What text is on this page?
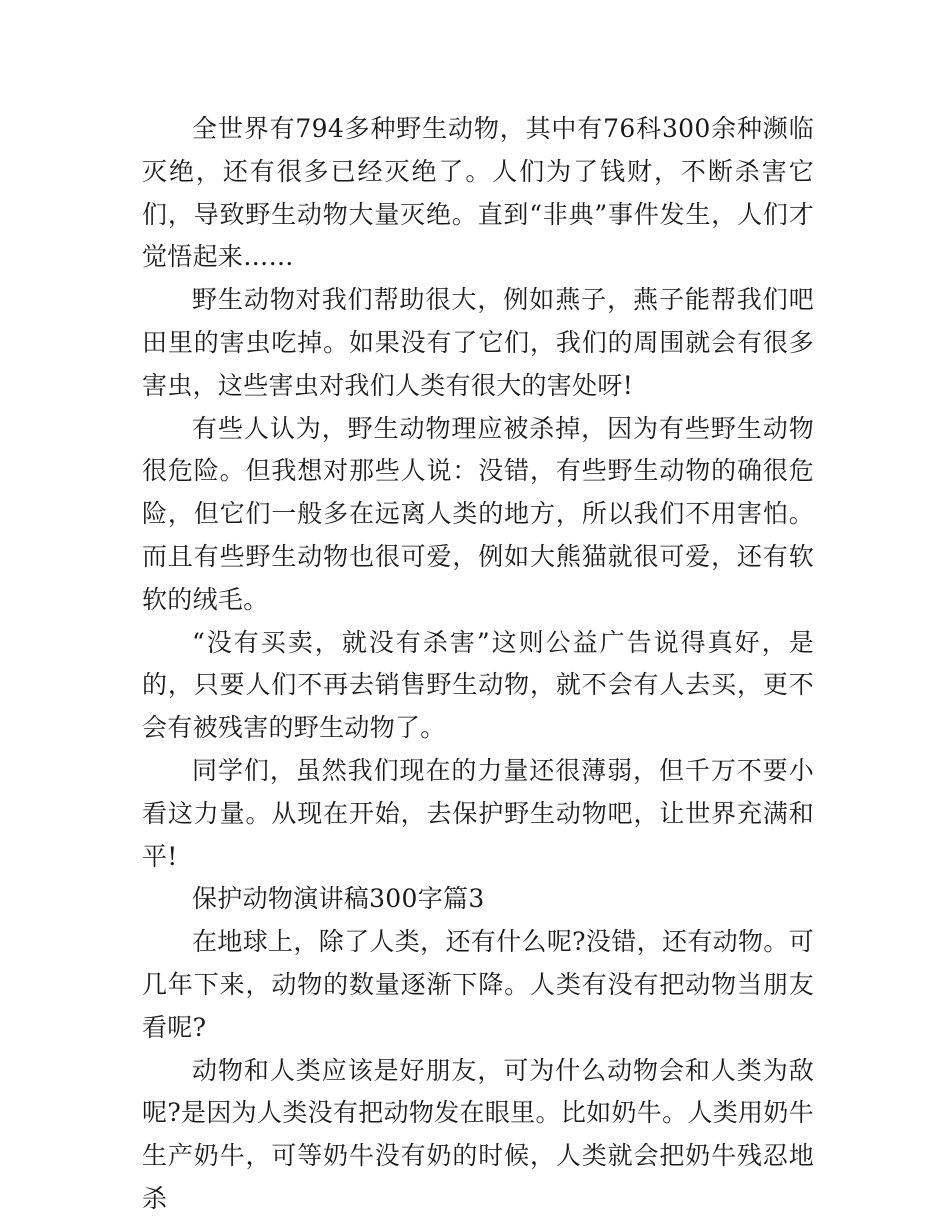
全世界有794多种野生动物，其中有76科300余种濒临灭绝，还有很多已经灭绝了。人们为了钱财，不断杀害它们，导致野生动物大量灭绝。直到“非典”事件发生，人们才觉悟起来……

野生动物对我们帮助很大，例如燕子，燕子能帮我们吧田里的害虫吃掉。如果没有了它们，我们的周围就会有很多害虫，这些害虫对我们人类有很大的害处呀!

有些人认为，野生动物理应被杀掉，因为有些野生动物很危险。但我想对那些人说：没错，有些野生动物的确很危险，但它们一般多在远离人类的地方，所以我们不用害怕。而且有些野生动物也很可爱，例如大熊猫就很可爱，还有软软的绒毛。

“没有买卖，就没有杀害”这则公益广告说得真好，是的，只要人们不再去销售野生动物，就不会有人去买，更不会有被残害的野生动物了。

同学们，虽然我们现在的力量还很薄弱，但千万不要小看这力量。从现在开始，去保护野生动物吧，让世界充满和平!

保护动物演讲稿300字篇3

在地球上，除了人类，还有什么呢?没错，还有动物。可几年下来，动物的数量逐渐下降。人类有没有把动物当朋友看呢?

动物和人类应该是好朋友，可为什么动物会和人类为敌呢?是因为人类没有把动物发在眼里。比如奶牛。人类用奶牛生产奶牛，可等奶牛没有奶的时候，人类就会把奶牛残忍地杀
